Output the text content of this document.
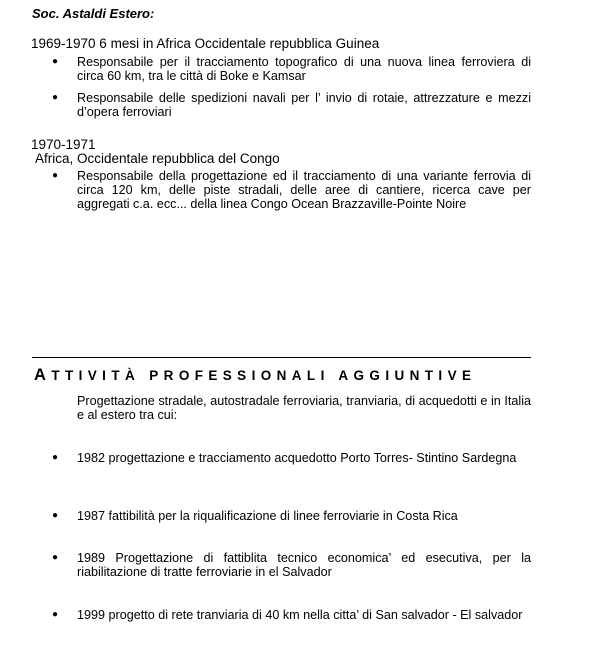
Soc. Astaldi Estero:
1969-1970 6 mesi in Africa Occidentale repubblica Guinea
● Responsabile per il tracciamento topografico di una nuova linea ferroviera di circa 60 km, tra le città di Boke e Kamsar
● Responsabile delle spedizioni navali per l’ invio di rotaie, attrezzature e mezzi d’opera ferroviari
1970-1971
Africa, Occidentale repubblica del Congo
● Responsabile della progettazione ed il tracciamento di una variante ferrovia di circa 120 km, delle piste stradali, delle aree di cantiere, ricerca cave per aggregati c.a. ecc... della linea Congo Ocean Brazzaville-Pointe Noire
ATTIVITÀ PROFESSIONALI AGGIUNTIVE
Progettazione stradale, autostradale ferroviaria, tranviaria, di acquedotti e in Italia e al estero tra cui:
● 1982 progettazione e tracciamento acquedotto Porto Torres- Stintino Sardegna
● 1987 fattibilità per la riqualificazione di linee ferroviarie in Costa Rica
● 1989 Progettazione di fattiblita tecnico economica’ ed esecutiva, per la riabilitazione di tratte ferroviarie in el Salvador
● 1999 progetto di rete tranviaria di 40 km nella citta’ di San salvador - El salvador
